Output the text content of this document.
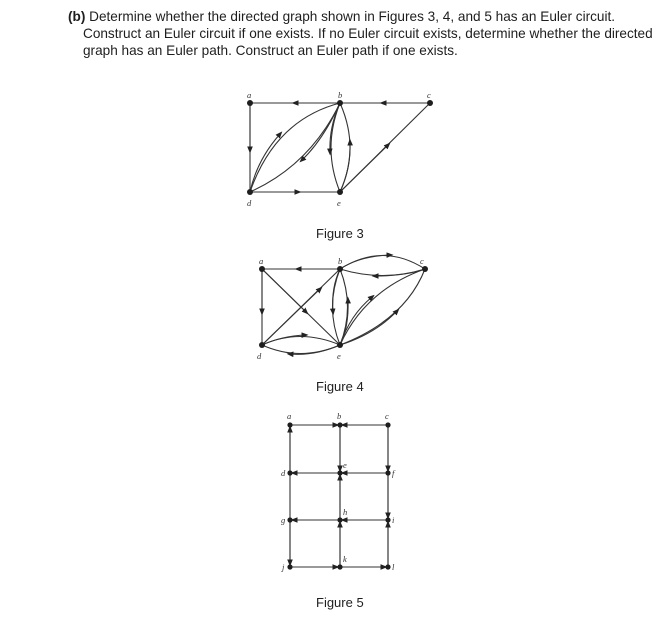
(b) Determine whether the directed graph shown in Figures 3, 4, and 5 has an Euler circuit.
Construct an Euler circuit if one exists. If no Euler circuit exists, determine whether the directed
graph has an Euler path. Construct an Euler path if one exists.
a	b	c
d	e
a	b	c
d	e
a	b	c
d
e
f
g
h
i
j
k
l
Figure 3
Figure 4
Figure 5
